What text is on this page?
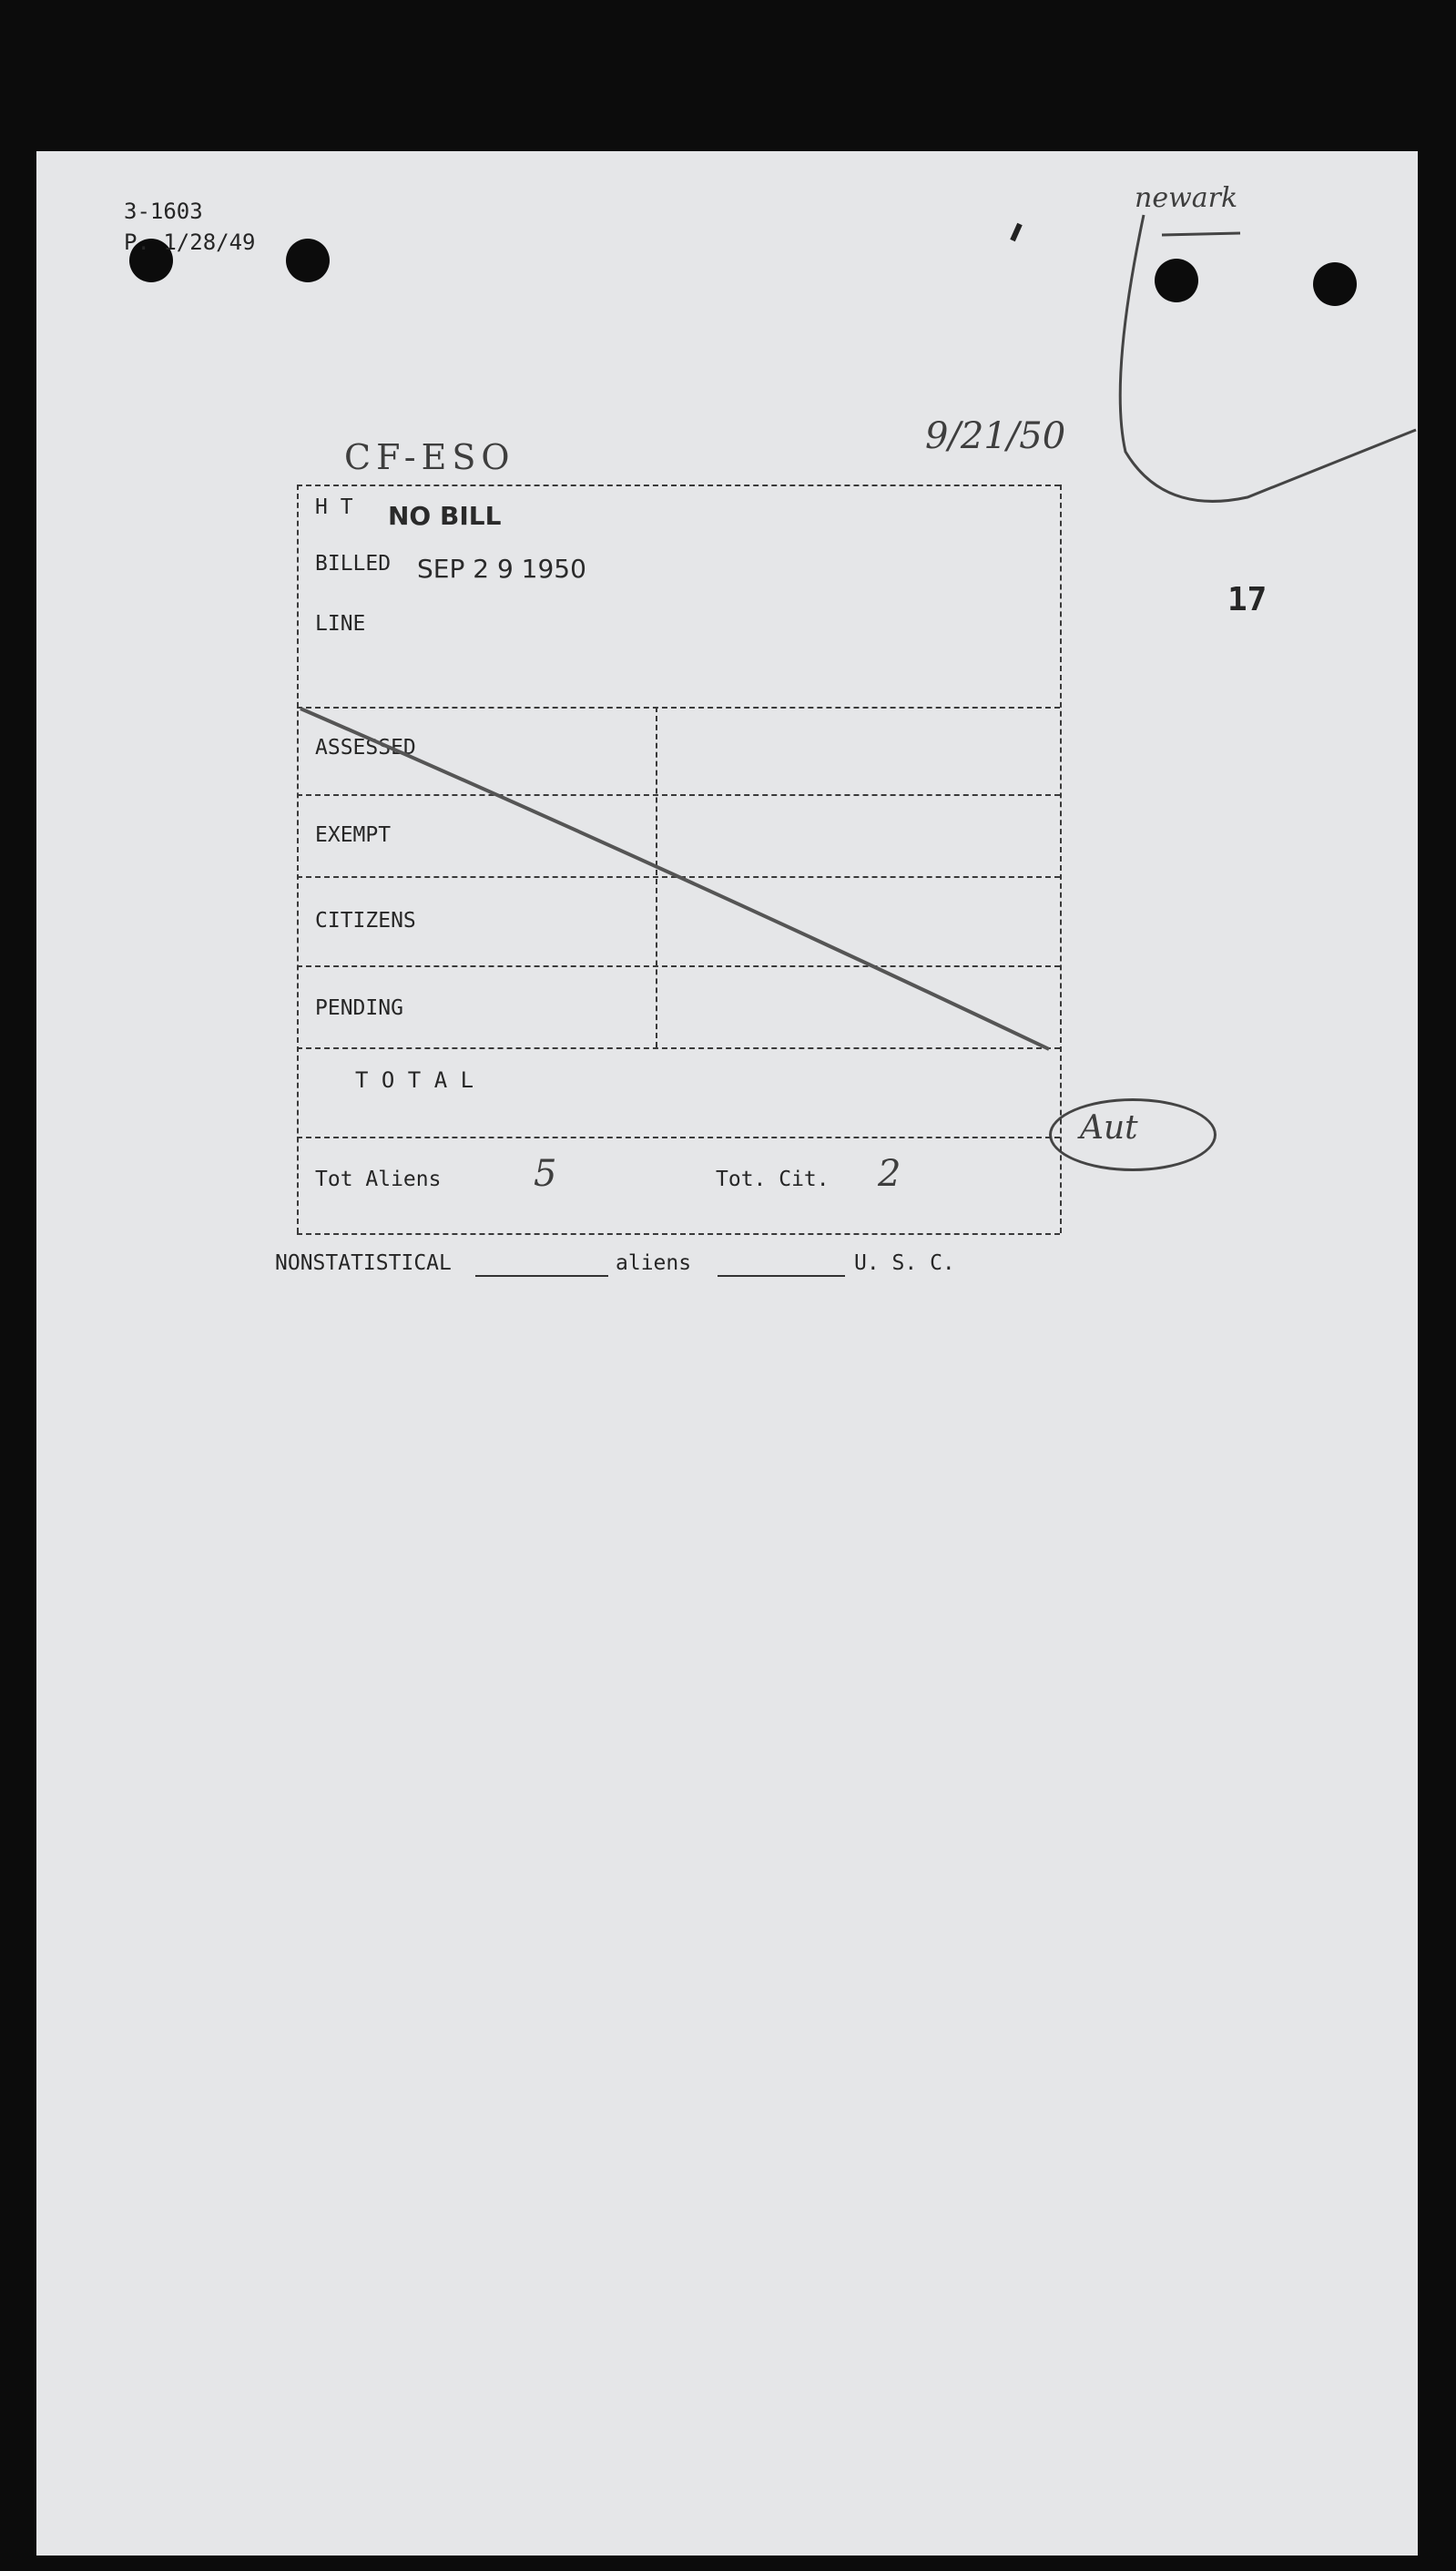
3-1603
P. 1/28/49
newark
CF-ESO	9/21/50
17
Aut
H T NO BILL
BILLED SEP 2 9 1950
LINE
ASSESSED
EXEMPT
CITIZENS
PENDING
T O T A L
Tot Aliens	5	Tot. Cit. 2
NONSTATISTICAL	aliens	U. S. C.
